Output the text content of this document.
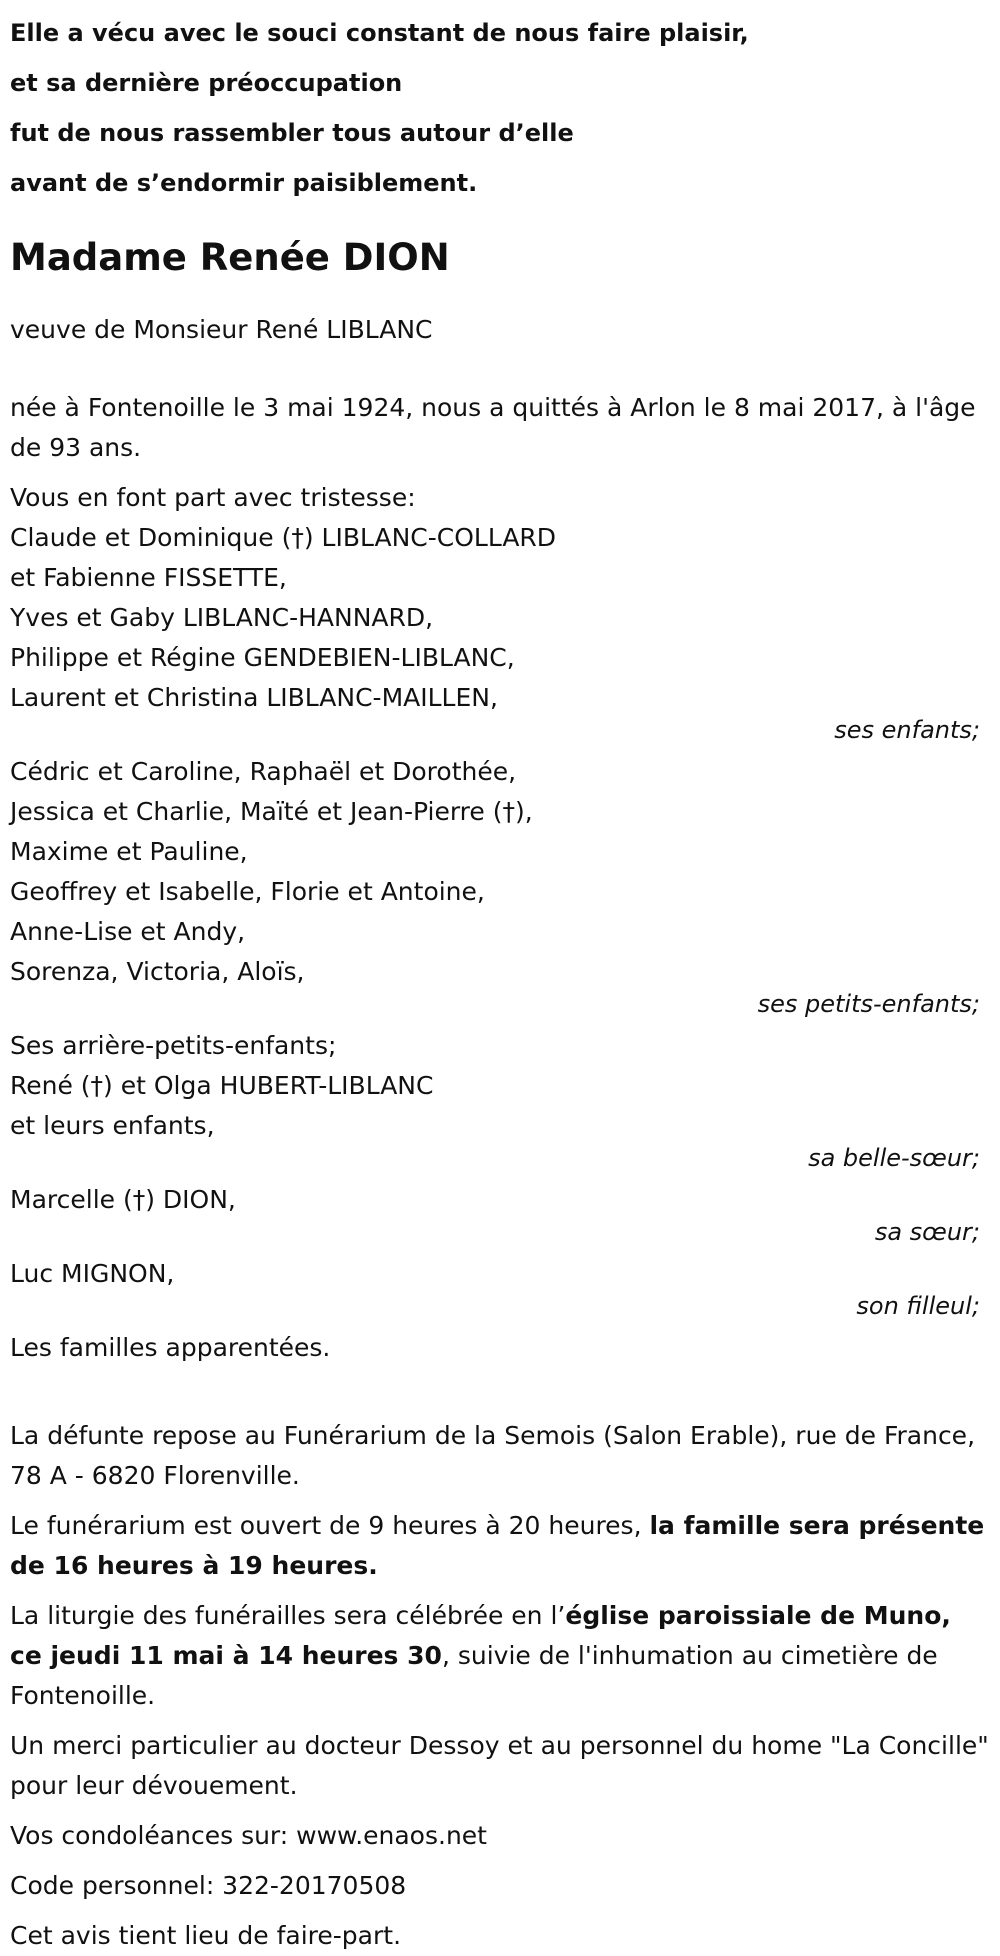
Elle a vécu avec le souci constant de nous faire plaisir,
et sa dernière préoccupation
fut de nous rassembler tous autour d’elle
avant de s’endormir paisiblement.
Madame Renée DION

veuve de Monsieur René LIBLANC

née à Fontenoille le 3 mai 1924, nous a quittés à Arlon le 8 mai 2017, à l'âge de 93 ans.

Vous en font part avec tristesse:

Claude et Dominique (†) LIBLANC-COLLARD

et Fabienne FISSETTE,

Yves et Gaby LIBLANC-HANNARD,

Philippe et Régine GENDEBIEN-LIBLANC,

Laurent et Christina LIBLANC-MAILLEN,

ses enfants;

Cédric et Caroline, Raphaël et Dorothée,

Jessica et Charlie, Maïté et Jean-Pierre (†),

Maxime et Pauline,

Geoffrey et Isabelle, Florie et Antoine,

Anne-Lise et Andy,

Sorenza, Victoria, Aloïs,

ses petits-enfants;

Ses arrière-petits-enfants;

René (†) et Olga HUBERT-LIBLANC

et leurs enfants,

sa belle-sœur;

Marcelle (†) DION,

sa sœur;

Luc MIGNON,

son filleul;

Les familles apparentées.

La défunte repose au Funérarium de la Semois (Salon Erable), rue de France, 78 A - 6820 Florenville.

Le funérarium est ouvert de 9 heures à 20 heures, la famille sera présente de 16 heures à 19 heures.

La liturgie des funérailles sera célébrée en l’église paroissiale de Muno, ce jeudi 11 mai à 14 heures 30, suivie de l'inhumation au cimetière de Fontenoille.

Un merci particulier au docteur Dessoy et au personnel du home "La Concille" pour leur dévouement.

Vos condoléances sur: www.enaos.net

Code personnel: 322-20170508

Cet avis tient lieu de faire-part.
